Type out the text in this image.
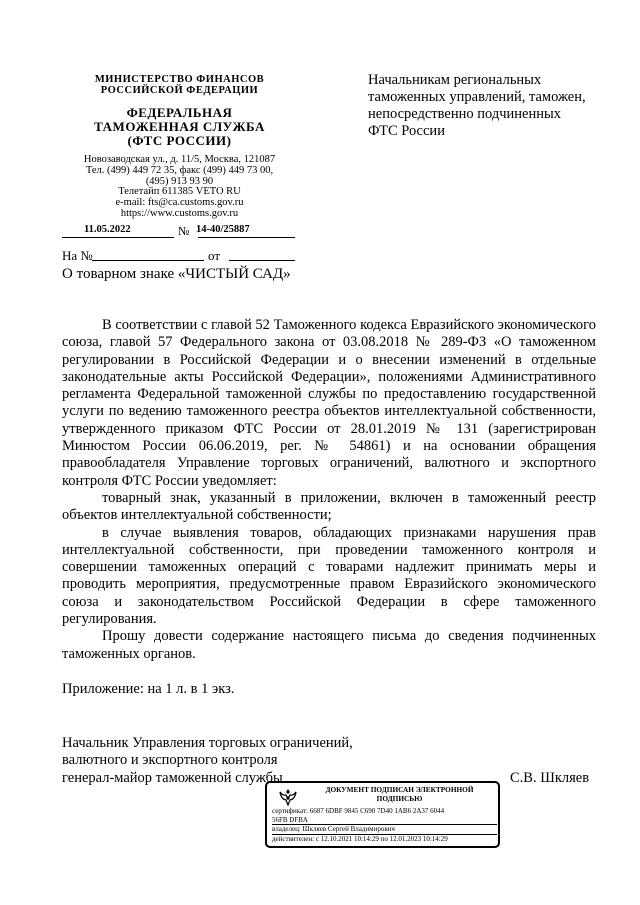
МИНИСТЕРСТВО ФИНАНСОВ
РОССИЙСКОЙ ФЕДЕРАЦИИ
ФЕДЕРАЛЬНАЯ
ТАМОЖЕННАЯ СЛУЖБА
(ФТС РОССИИ)
Новозаводская ул., д. 11/5, Москва, 121087
Тел. (499) 449 72 35, факс (499) 449 73 00,
(495) 913 93 90
Телетайп 611385 VETO RU
e-mail: fts@ca.customs.gov.ru
https://www.customs.gov.ru
11.05.2022	№ 14-40/25887
На №	от
О товарном знаке «ЧИСТЫЙ САД»
Начальникам региональных таможенных управлений, таможен, непосредственно подчиненных ФТС России

В соответствии с главой 52 Таможенного кодекса Евразийского экономического союза, главой 57 Федерального закона от 03.08.2018 № 289-ФЗ «О таможенном регулировании в Российской Федерации и о внесении изменений в отдельные законодательные акты Российской Федерации», положениями Административного регламента Федеральной таможенной службы по предоставлению государственной услуги по ведению таможенного реестра объектов интеллектуальной собственности, утвержденного приказом ФТС России от 28.01.2019 № 131 (зарегистрирован Минюстом России 06.06.2019, рег. № 54861) и на основании обращения правообладателя Управление торговых ограничений, валютного и экспортного контроля ФТС России уведомляет:

товарный знак, указанный в приложении, включен в таможенный реестр объектов интеллектуальной собственности;

в случае выявления товаров, обладающих признаками нарушения прав интеллектуальной собственности, при проведении таможенного контроля и совершении таможенных операций с товарами надлежит принимать меры и проводить мероприятия, предусмотренные правом Евразийского экономического союза и законодательством Российской Федерации в сфере таможенного регулирования.

Прошу довести содержание настоящего письма до сведения подчиненных таможенных органов.

Приложение: на 1 л. в 1 экз.
Начальник Управления торговых ограничений,
валютного и экспортного контроля
генерал-майор таможенной службы	С.В. Шкляев
ДОКУМЕНТ ПОДПИСАН ЭЛЕКТРОННОЙ
ПОДПИСЬЮ
сертификат: 6687 6DBF 9845 C690 7D40 1AB6 2A37 6044
56FB DFBA
владелец: Шкляев Сергей Владимирович
действителен: с 12.10.2021 10:14:29 по 12.01.2023 10:14:29
